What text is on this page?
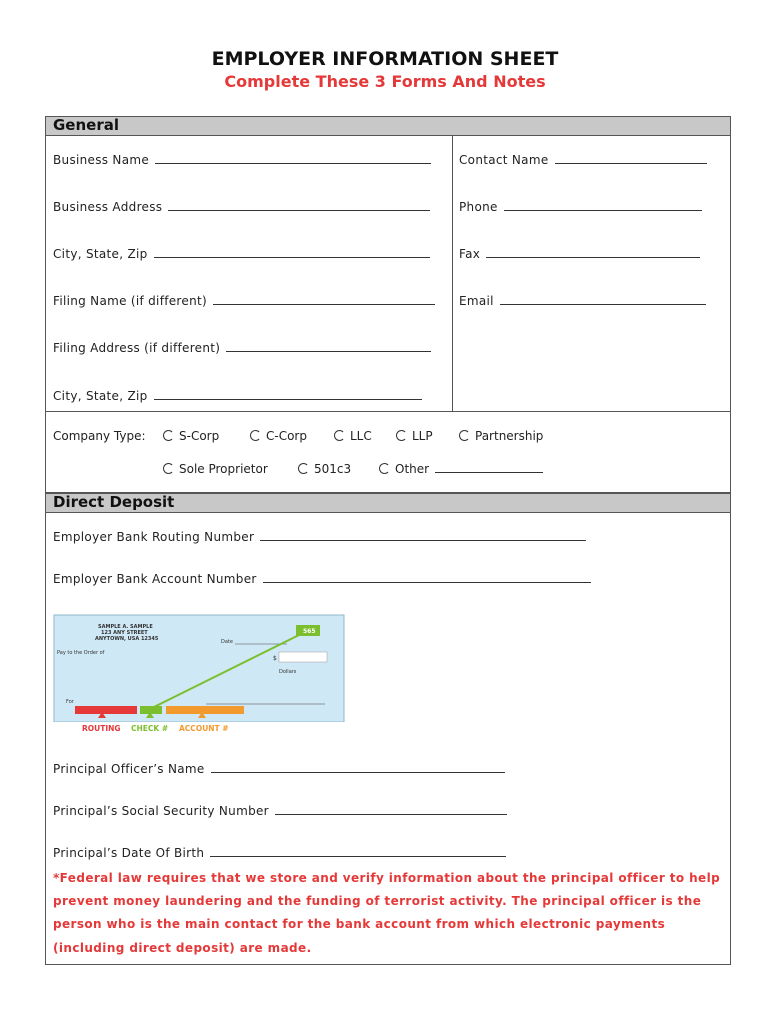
EMPLOYER INFORMATION SHEET
Complete These 3 Forms And Notes
General
Business Name
Business Address
City, State, Zip
Filing Name (if different)
Filing Address (if different)
City, State, Zip
Contact Name
Phone
Fax
Email
Company Type:	S-Corp	C-Corp	LLC	LLP	Partnership
Sole Proprietor	501c3	Other
Direct Deposit
Employer Bank Routing Number
Employer Bank Account Number
SAMPLE A. SAMPLE
123 ANY STREET
ANYTOWN, USA 12345
565
Date
Pay to the Order of
$
Dollars
For
ROUTING CHECK # ACCOUNT #
Principal Officer’s Name
Principal’s Social Security Number
Principal’s Date Of Birth
*Federal law requires that we store and verify information about the principal officer to help
prevent money laundering and the funding of terrorist activity. The principal officer is the
person who is the main contact for the bank account from which electronic payments
(including direct deposit) are made.
